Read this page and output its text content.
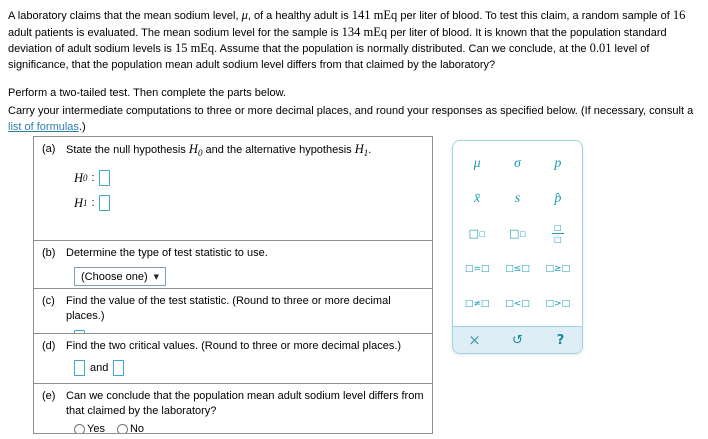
A laboratory claims that the mean sodium level, μ, of a healthy adult is 141 mEq per liter of blood. To test this claim, a random sample of 16 adult patients is evaluated. The mean sodium level for the sample is 134 mEq per liter of blood. It is known that the population standard deviation of adult sodium levels is 15 mEq. Assume that the population is normally distributed. Can we conclude, at the 0.01 level of significance, that the population mean adult sodium level differs from that claimed by the laboratory?
Perform a two-tailed test. Then complete the parts below.
Carry your intermediate computations to three or more decimal places, and round your responses as specified below. (If necessary, consult a list of formulas.)
(a) State the null hypothesis $H_0$ and the alternative hypothesis $H_1$.
H 0 :
H 1 :
(b) Determine the type of test statistic to use.
(Choose one) ▼
(c)	Find the value of the test statistic. (Round to three or more decimal places.)
(d) Find the two critical values. (Round to three or more decimal places.)
and
(e) Can we conclude that the population mean adult sodium level differs from that claimed by the laboratory?
Yes No
μ	σ	p
x̄	s	p̂
□ □ □ □	$\frac{□}{□}$
□=□	□≤□	□≥□
□≠□	□<□	□>□
×	↺	?
